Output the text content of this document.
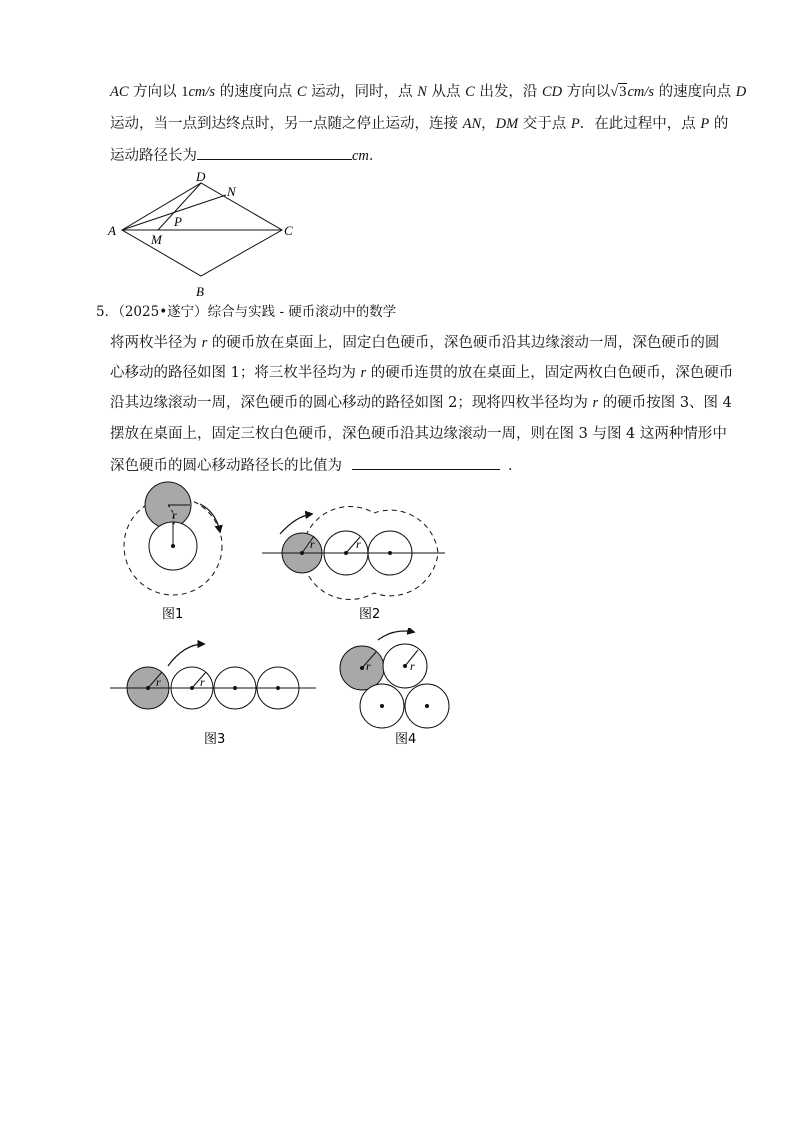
AC 方向以 1cm/s 的速度向点 C 运动，同时，点 N 从点 C 出发，沿 CD 方向以√3cm/s 的速度向点 D
运动，当一点到达终点时，另一点随之停止运动，连接 AN，DM 交于点 P．在此过程中，点 P 的
运动路径长为	cm．
A
B
C
D
N
P
M
5．（2025•遂宁）综合与实践 - 硬币滚动中的数学
将两枚半径为 r 的硬币放在桌面上，固定白色硬币，深色硬币沿其边缘滚动一周，深色硬币的圆
心移动的路径如图 1；将三枚半径均为 r 的硬币连贯的放在桌面上，固定两枚白色硬币，深色硬币
沿其边缘滚动一周，深色硬币的圆心移动的路径如图 2；现将四枚半径均为 r 的硬币按图 3、图 4
摆放在桌面上，固定三枚白色硬币，深色硬币沿其边缘滚动一周，则在图 3 与图 4 这两种情形中
深色硬币的圆心移动路径长的比值为	．
r
图1
r	r
图2
r	r
图3
r	r
图4
